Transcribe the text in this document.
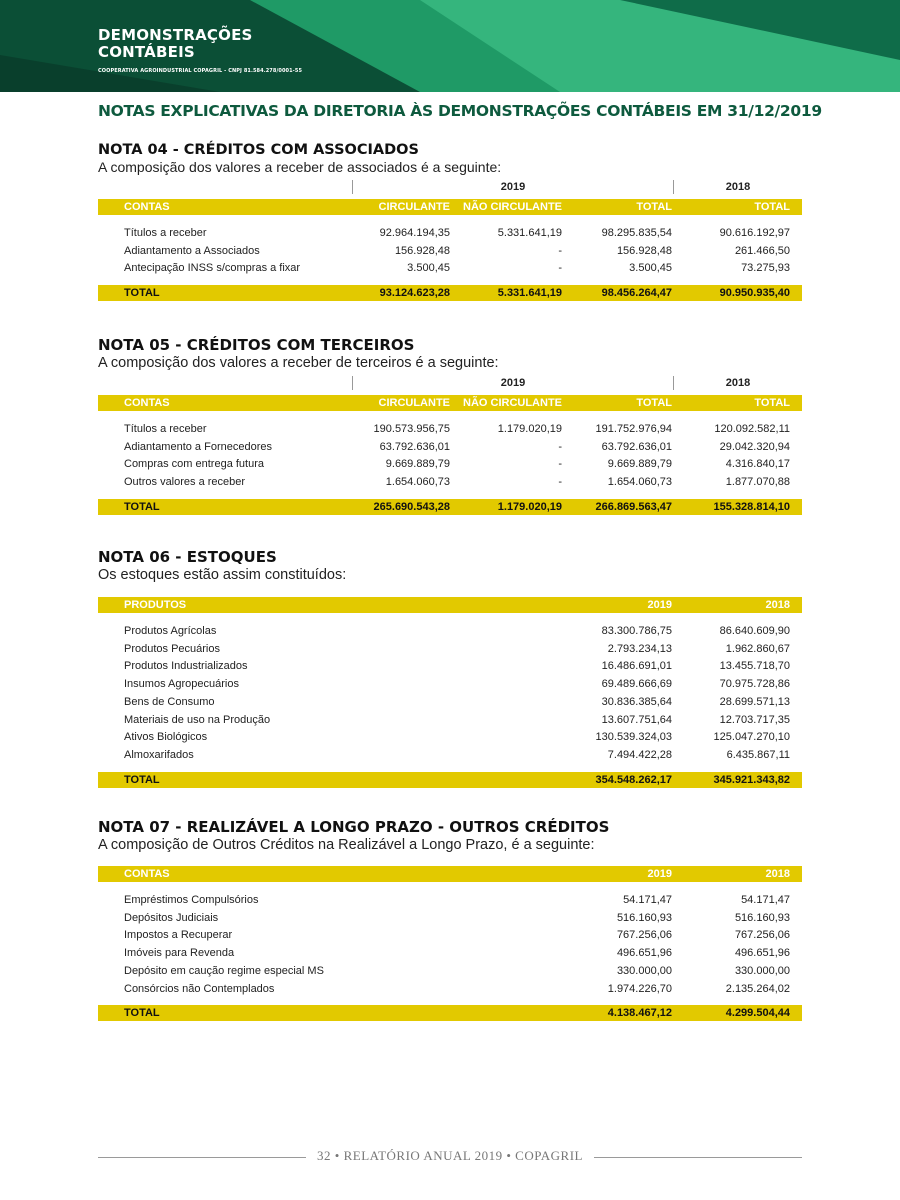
DEMONSTRAÇÕES
CONTÁBEIS
COOPERATIVA AGROINDUSTRIAL COPAGRIL - CNPJ 81.584.278/0001-55
NOTAS EXPLICATIVAS DA DIRETORIA ÀS DEMONSTRAÇÕES CONTÁBEIS EM 31/12/2019
NOTA 04 - CRÉDITOS COM ASSOCIADOS
A composição dos valores a receber de associados é a seguinte:
2019	2018
CONTAS	CIRCULANTE	NÃO CIRCULANTE	TOTAL	TOTAL

Títulos a receber	92.964.194,35	5.331.641,19	98.295.835,54	90.616.192,97
Adiantamento a Associados	156.928,48	-	156.928,48	261.466,50
Antecipação INSS s/compras a fixar	3.500,45	-	3.500,45	73.275,93

TOTAL	93.124.623,28	5.331.641,19	98.456.264,47	90.950.935,40
NOTA 05 - CRÉDITOS COM TERCEIROS
A composição dos valores a receber de terceiros é a seguinte:
2019	2018
CONTAS	CIRCULANTE	NÃO CIRCULANTE	TOTAL	TOTAL

Títulos a receber	190.573.956,75	1.179.020,19	191.752.976,94	120.092.582,11
Adiantamento a Fornecedores	63.792.636,01	-	63.792.636,01	29.042.320,94
Compras com entrega futura	9.669.889,79	-	9.669.889,79	4.316.840,17
Outros valores a receber	1.654.060,73	-	1.654.060,73	1.877.070,88

TOTAL	265.690.543,28	1.179.020,19	266.869.563,47	155.328.814,10
NOTA 06 - ESTOQUES
Os estoques estão assim constituídos:
PRODUTOS	2019	2018

Produtos Agrícolas	83.300.786,75	86.640.609,90
Produtos Pecuários	2.793.234,13	1.962.860,67
Produtos Industrializados	16.486.691,01	13.455.718,70
Insumos Agropecuários	69.489.666,69	70.975.728,86
Bens de Consumo	30.836.385,64	28.699.571,13
Materiais de uso na Produção	13.607.751,64	12.703.717,35
Ativos Biológicos	130.539.324,03	125.047.270,10
Almoxarifados	7.494.422,28	6.435.867,11

TOTAL	354.548.262,17	345.921.343,82
NOTA 07 - REALIZÁVEL A LONGO PRAZO - OUTROS CRÉDITOS
A composição de Outros Créditos na Realizável a Longo Prazo, é a seguinte:
CONTAS	2019	2018

Empréstimos Compulsórios	54.171,47	54.171,47
Depósitos Judiciais	516.160,93	516.160,93
Impostos a Recuperar	767.256,06	767.256,06
Imóveis para Revenda	496.651,96	496.651,96
Depósito em caução regime especial MS	330.000,00	330.000,00
Consórcios não Contemplados	1.974.226,70	2.135.264,02

TOTAL	4.138.467,12	4.299.504,44
32 • RELATÓRIO ANUAL 2019 • COPAGRIL
